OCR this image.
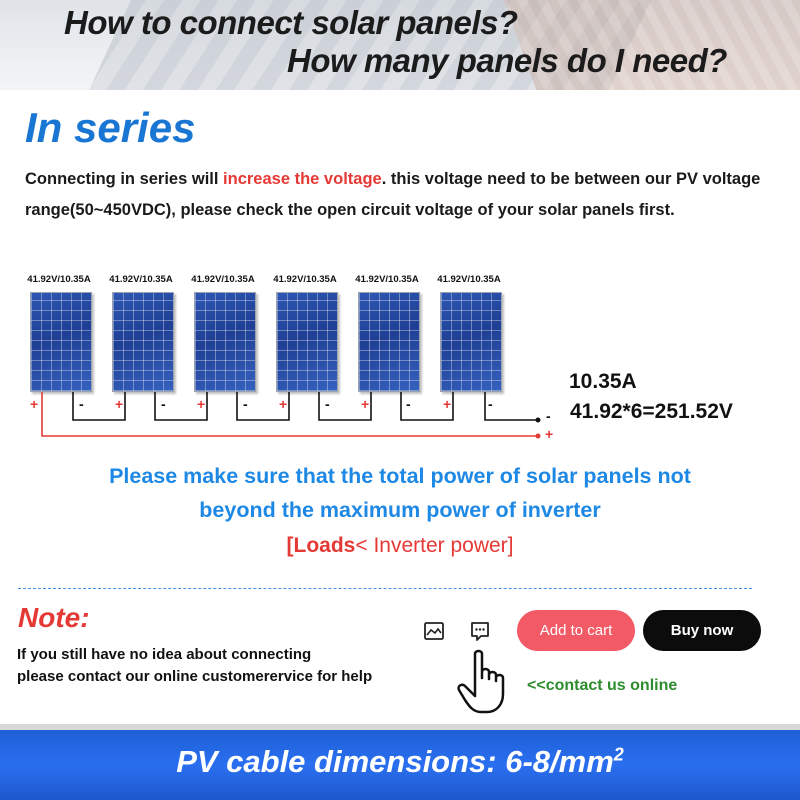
How to connect solar panels?
How many panels do I need?
In series
Connecting in series will increase the voltage. this voltage need to be between our PV voltage range(50~450VDC), please check the open circuit voltage of your solar panels first.
41.92V/10.35A	41.92V/10.35A	41.92V/10.35A	41.92V/10.35A	41.92V/10.35A	41.92V/10.35A
+	- +	- +	- +	- +	- +	-
-
+
10.35A
41.92*6=251.52V
Please make sure that the total power of solar panels not
beyond the maximum power of inverter
[Loads< Inverter power]
Note:
If you still have no idea about connecting
please contact our online customerervice for help
Add to cart	Buy now
<<contact us online
PV cable dimensions: $6-8/mm^2$
